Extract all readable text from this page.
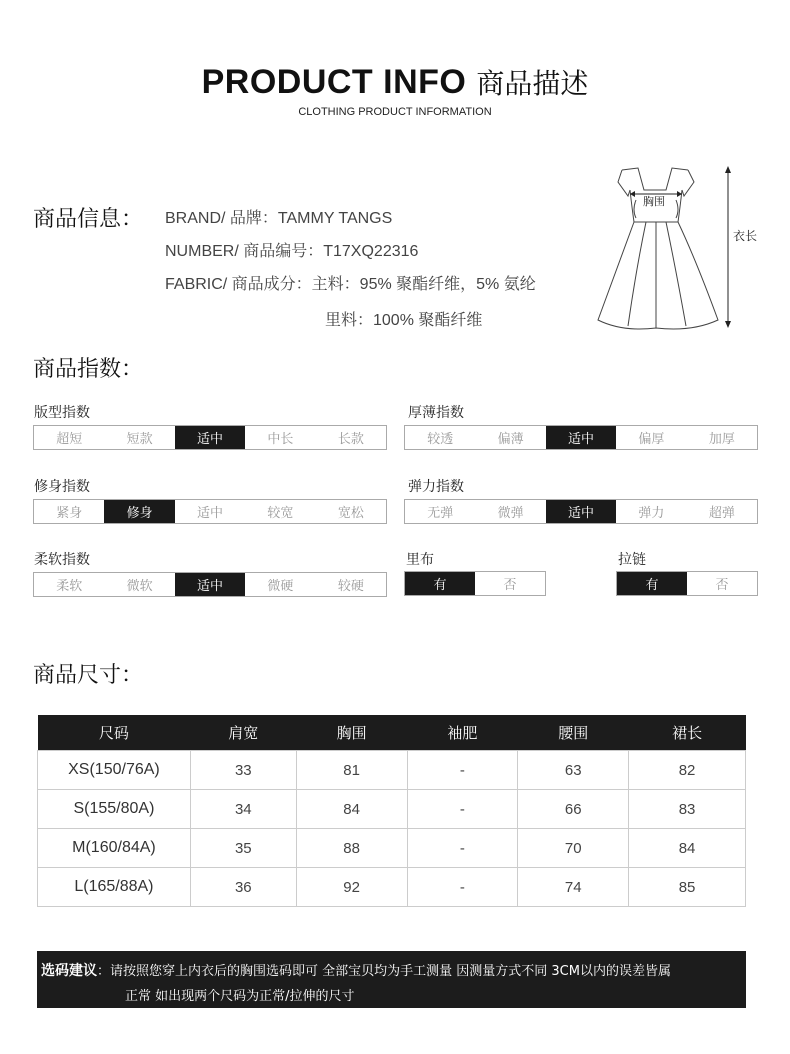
PRODUCT INFO 商品描述
CLOTHING PRODUCT INFORMATION
商品信息： BRAND/ 品牌：TAMMY TANGS
NUMBER/ 商品编号：T17XQ22316
FABRIC/ 商品成分：主料：95% 聚酯纤维，5% 氨纶
里料：100% 聚酯纤维
胸围
衣长
商品指数：
版型指数
超短	短款	适中	中长	长款
厚薄指数
较透	偏薄	适中	偏厚	加厚
修身指数
紧身	修身	适中	较宽	宽松
弹力指数
无弹	微弹	适中	弹力	超弹
柔软指数
柔软	微软	适中	微硬	较硬
里布
有	否
拉链
有	否
商品尺寸：
尺码	肩宽	胸围	袖肥	腰围	裙长
XS(150/76A)	33	81	-	63	82
S(155/80A)	34	84	-	66	83
M(160/84A)	35	88	-	70	84
L(165/88A)	36	92	-	74	85
选码建议：请按照您穿上内衣后的胸围选码即可 全部宝贝均为手工测量 因测量方式不同 3CM以内的误差皆属
正常 如出现两个尺码为正常/拉伸的尺寸
